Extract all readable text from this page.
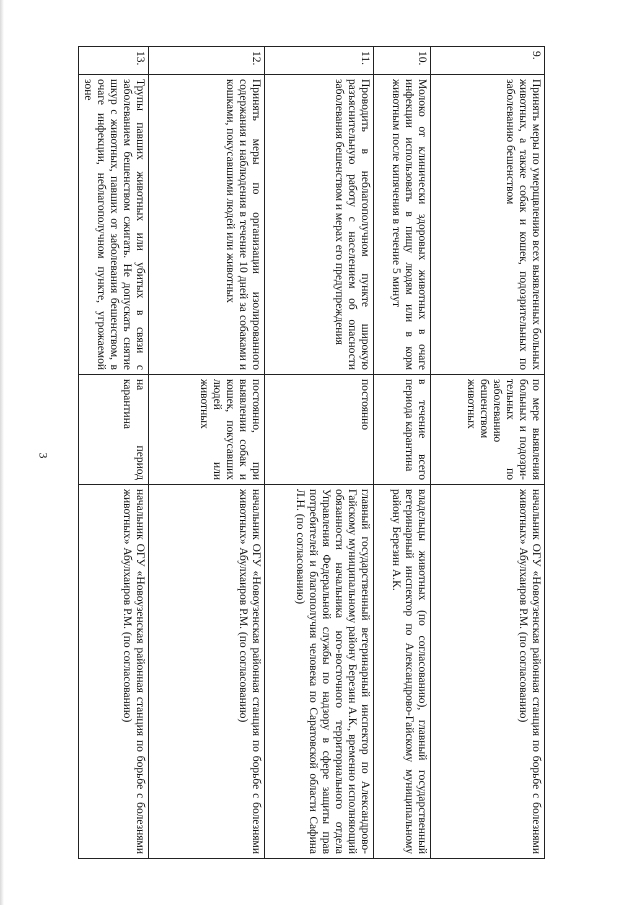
3
9.	Принять меры по умерщвлению всех выявленных больных животных, а также собак и кошек, подозрительных по заболеванию бешенством	по мере выявления больных и подозри-тельных по заболеванию бешенством животных	начальник ОГУ «Новоузенская районная станция по борьбе с болезнями животных» Абулхаиров Р.М. (по согласованию)
10.	Молоко от клинически здоровых животных в очаге инфекции использовать в пищу людям или в корм животным после кипячения в течение 5 минут	в течение всего периода карантина	владельцы животных (по согласованию), главный государственный ветеринарный инспектор по Александрово-Гайскому муниципальному району Березин А.К.
11.	Проводить в неблагополучном пункте широкую разъяснительную работу с населением об опасности заболевания бешенством и мерах его предупреждения	постоянно	главный государственный ветеринарный инспектор по Александрово-Гайскому муниципальному району Березин А.К., временно исполняющий обязанности начальника юго-восточного территориального отдела Управления Федеральной службы по надзору в сфере защиты прав потребителей и благополучия человека по Саратовской области Сафина Л.Н. (по согласованию)
12.	Принять меры по организации изолированного содержания и наблюдения в течение 10 дней за собаками и кошками, покусавшими людей или животных	постоянно, при выявлении собак и кошек, покусавших людей или животных	начальник ОГУ «Новоузенская районная станция по борьбе с болезнями животных» Абулхаиров Р.М. (по согласованию)
13.	Трупы павших животных или убитых в связи с заболеванием бешенством сжигать. Не допускать снятие шкур с животных, павших от заболевания бешенством, в очаге инфекции, неблагополучном пункте, угрожаемой зоне	на период карантина	начальник ОГУ «Новоузенская районная станция по борьбе с болезнями животных» Абулхаиров Р.М. (по согласованию)
